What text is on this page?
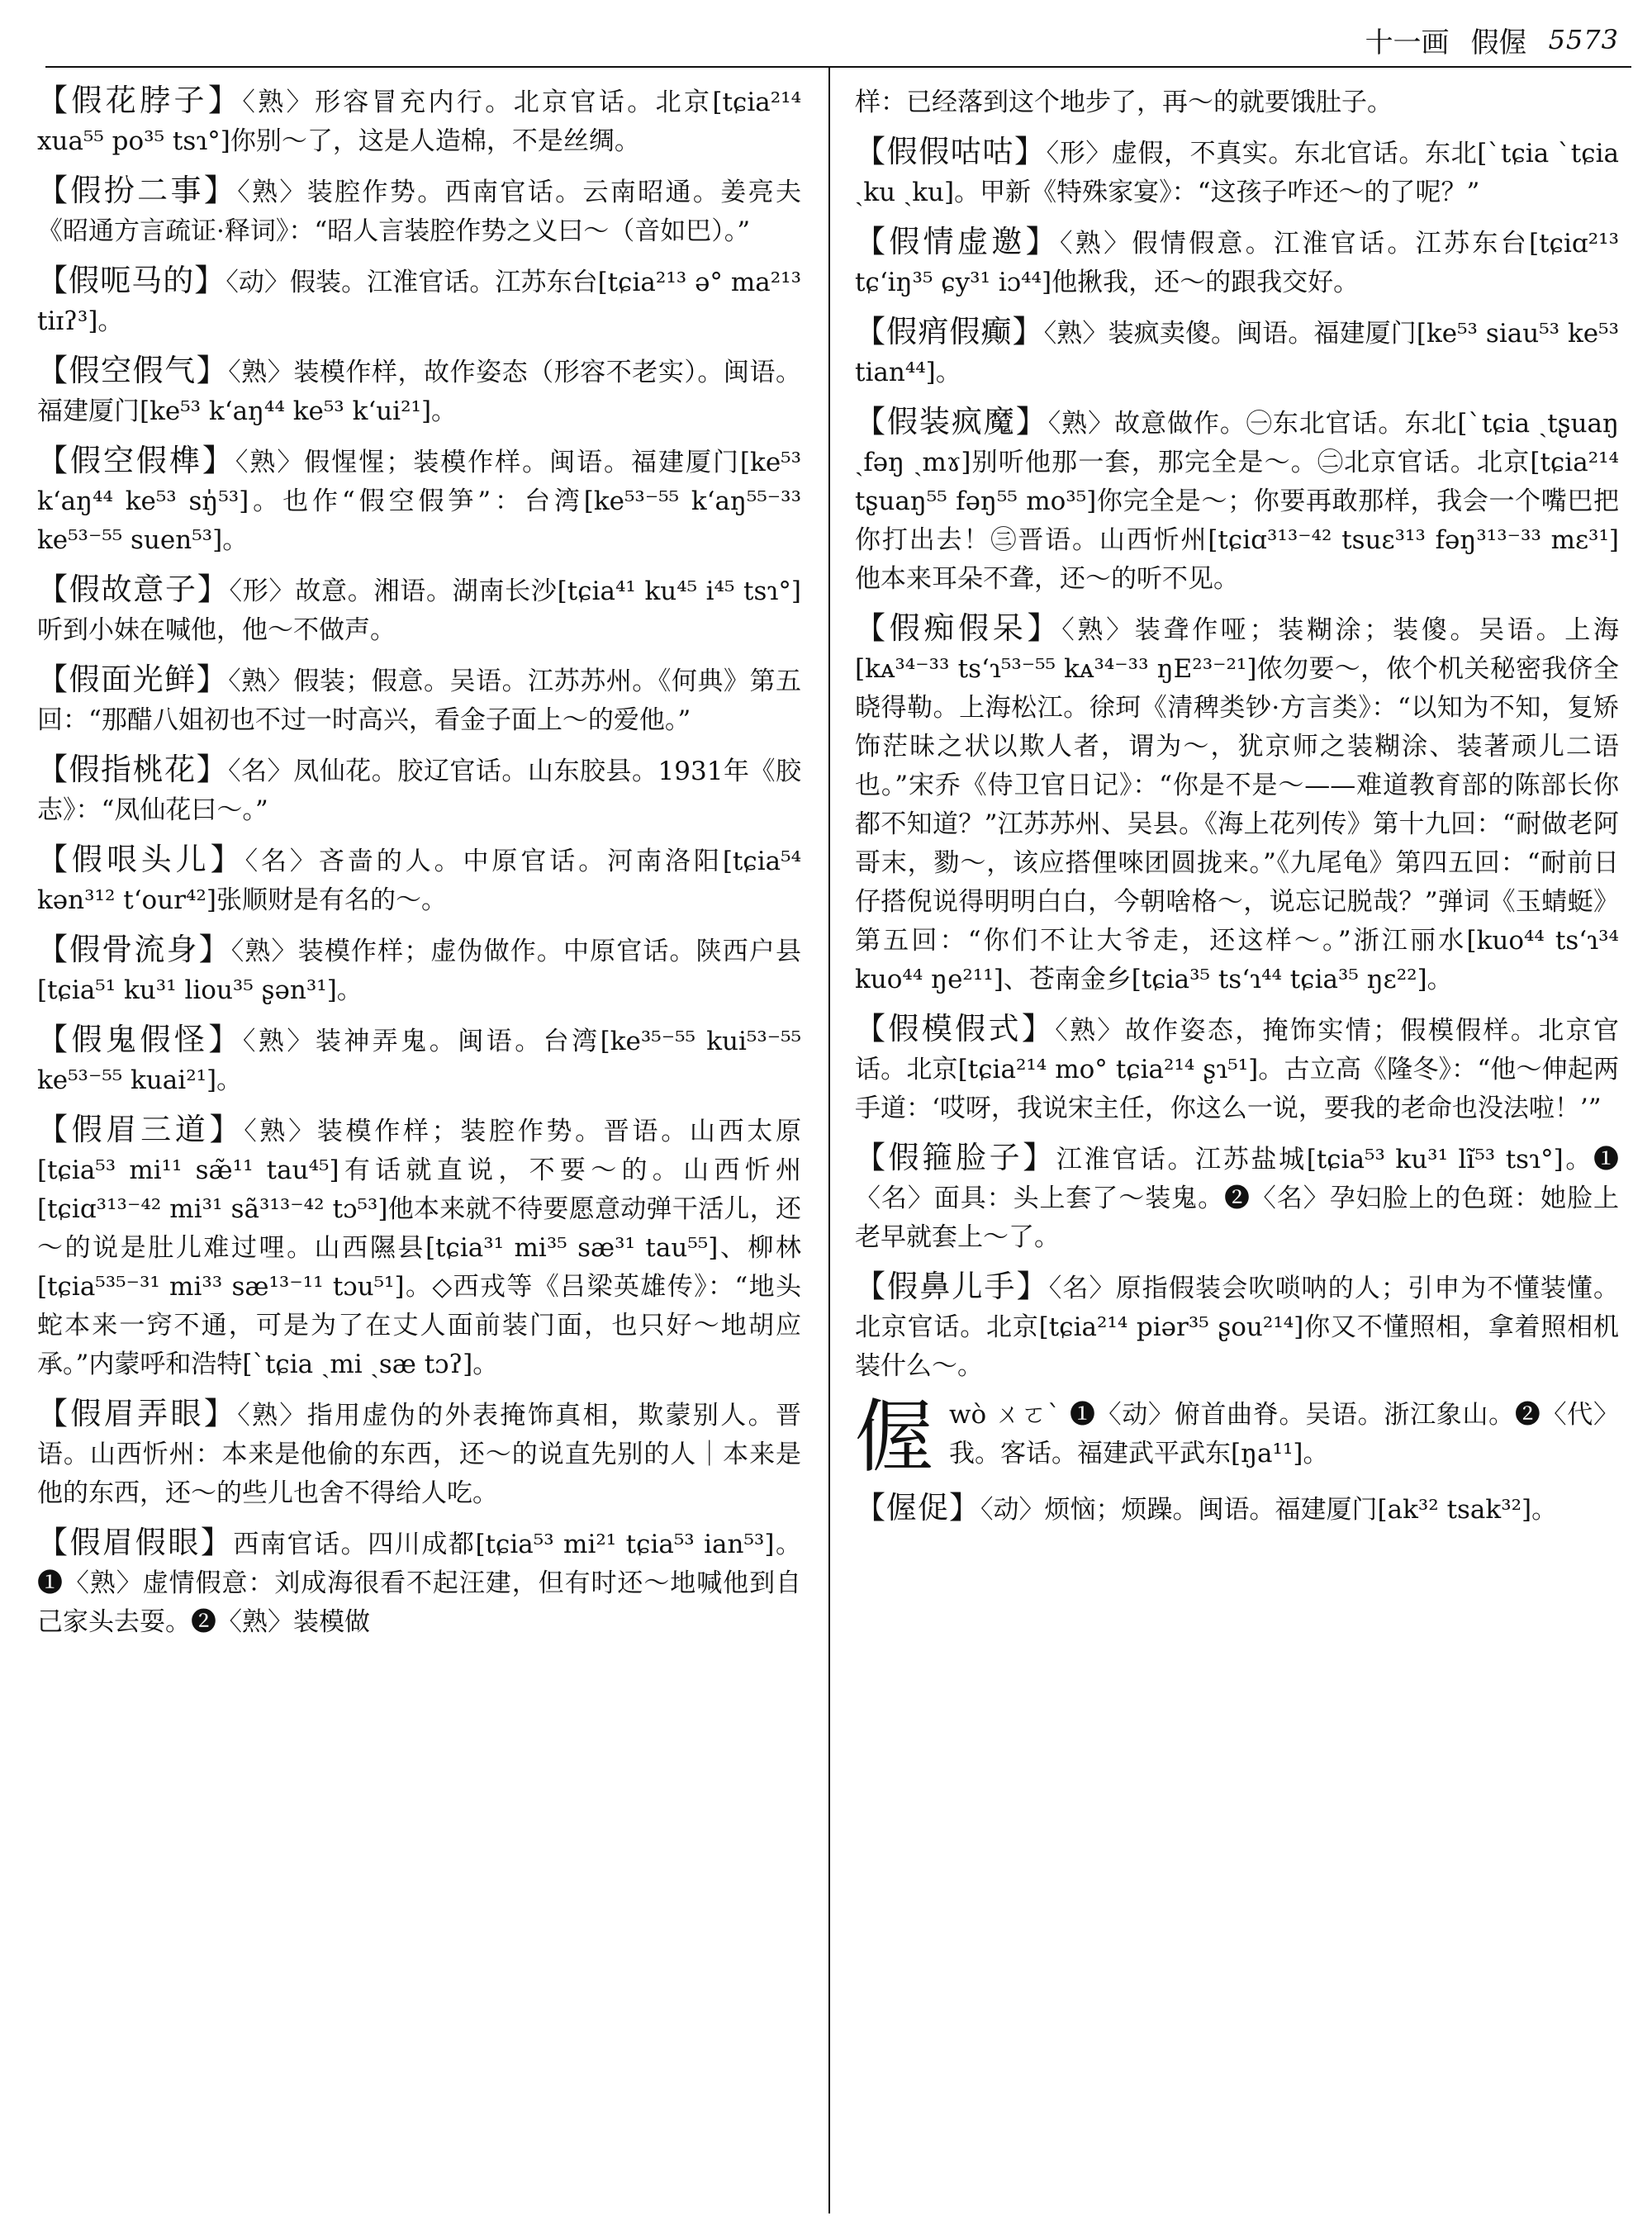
十一画 假偓 5573

【假花脖子】〈熟〉形容冒充内行。北京官话。北京[tɕia²¹⁴ xua⁵⁵ po³⁵ tsɿ°]你别～了，这是人造棉，不是丝绸。

【假扮二事】〈熟〉装腔作势。西南官话。云南昭通。姜亮夫《昭通方言疏证·释词》：“昭人言装腔作势之义曰～（音如巴）。”

【假呃马的】〈动〉假装。江淮官话。江苏东台[tɕia²¹³ ə° ma²¹³ tiɪʔ³]。

【假空假气】〈熟〉装模作样，故作姿态（形容不老实）。闽语。福建厦门[ke⁵³ k‘aŋ⁴⁴ ke⁵³ k‘ui²¹]。

【假空假榫】〈熟〉假惺惺；装模作样。闽语。福建厦门[ke⁵³ k‘aŋ⁴⁴ ke⁵³ sŋ̍⁵³]。也作“假空假笋”：台湾[ke⁵³⁻⁵⁵ k‘aŋ⁵⁵⁻³³ ke⁵³⁻⁵⁵ suen⁵³]。

【假故意子】〈形〉故意。湘语。湖南长沙[tɕia⁴¹ ku⁴⁵ i⁴⁵ tsɿ°]听到小妹在喊他，他～不做声。

【假面光鲜】〈熟〉假装；假意。吴语。江苏苏州。《何典》第五回：“那醋八姐初也不过一时高兴，看金子面上～的爱他。”

【假指桃花】〈名〉凤仙花。胶辽官话。山东胶县。1931年《胶志》：“凤仙花曰～。”

【假哏头儿】〈名〉吝啬的人。中原官话。河南洛阳[tɕia⁵⁴ kən³¹² t‘our⁴²]张顺财是有名的～。

【假骨流身】〈熟〉装模作样；虚伪做作。中原官话。陕西户县[tɕia⁵¹ ku³¹ liou³⁵ ʂən³¹]。

【假鬼假怪】〈熟〉装神弄鬼。闽语。台湾[ke³⁵⁻⁵⁵ kui⁵³⁻⁵⁵ ke⁵³⁻⁵⁵ kuai²¹]。

【假眉三道】〈熟〉装模作样；装腔作势。晋语。山西太原[tɕia⁵³ mi¹¹ sæ̃¹¹ tau⁴⁵]有话就直说，不要～的。山西忻州[tɕiɑ³¹³⁻⁴² mi³¹ sã³¹³⁻⁴² tɔ⁵³]他本来就不待要愿意动弹干活儿，还～的说是肚儿难过哩。山西隰县[tɕia³¹ mi³⁵ sæ³¹ tau⁵⁵]、柳林[tɕia⁵³⁵⁻³¹ mi³³ sæ¹³⁻¹¹ tɔu⁵¹]。◇西戎等《吕梁英雄传》：“地头蛇本来一窍不通，可是为了在丈人面前装门面，也只好～地胡应承。”内蒙呼和浩特[ˋtɕia ˏmi ˏsæ tɔʔ]。

【假眉弄眼】〈熟〉指用虚伪的外表掩饰真相，欺蒙别人。晋语。山西忻州：本来是他偷的东西，还～的说直先别的人｜本来是他的东西，还～的些儿也舍不得给人吃。

【假眉假眼】西南官话。四川成都[tɕia⁵³ mi²¹ tɕia⁵³ ian⁵³]。❶〈熟〉虚情假意：刘成海很看不起汪建，但有时还～地喊他到自己家头去耍。❷〈熟〉装模做

样：已经落到这个地步了，再～的就要饿肚子。

【假假咕咕】〈形〉虚假，不真实。东北官话。东北[ˋtɕia ˋtɕia ˏku ˏku]。甲新《特殊家宴》：“这孩子咋还～的了呢？”

【假情虚邀】〈熟〉假情假意。江淮官话。江苏东台[tɕiɑ²¹³ tɕ‘iŋ³⁵ ɕy³¹ iɔ⁴⁴]他揪我，还～的跟我交好。

【假痟假癫】〈熟〉装疯卖傻。闽语。福建厦门[ke⁵³ siau⁵³ ke⁵³ tian⁴⁴]。

【假装疯魔】〈熟〉故意做作。㊀东北官话。东北[ˋtɕia ˏtʂuaŋ ˏfəŋ ˏmɤ]别听他那一套，那完全是～。㊁北京官话。北京[tɕia²¹⁴ tʂuaŋ⁵⁵ fəŋ⁵⁵ mo³⁵]你完全是～；你要再敢那样，我会一个嘴巴把你打出去！㊂晋语。山西忻州[tɕiɑ³¹³⁻⁴² tsuɛ³¹³ fəŋ³¹³⁻³³ mɛ³¹]他本来耳朵不聋，还～的听不见。

【假痴假呆】〈熟〉装聋作哑；装糊涂；装傻。吴语。上海[kᴀ³⁴⁻³³ ts‘ɿ⁵³⁻⁵⁵ kᴀ³⁴⁻³³ ŋE²³⁻²¹]侬勿要～，侬个机关秘密我侪全晓得勒。上海松江。徐珂《清稗类钞·方言类》：“以知为不知，复矫饰茫昧之状以欺人者，谓为～，犹京师之装糊涂、装著顽儿二语也。”宋乔《侍卫官日记》：“你是不是～——难道教育部的陈部长你都不知道？”江苏苏州、吴县。《海上花列传》第十九回：“耐做老阿哥末，勠～，该应搭俚唻团圆拢来。”《九尾龟》第四五回：“耐前日仔搭倪说得明明白白，今朝啥格～，说忘记脱哉？”弹词《玉蜻蜓》第五回：“你们不让大爷走，还这样～。”浙江丽水[kuo⁴⁴ ts‘ɿ³⁴ kuo⁴⁴ ŋe²¹¹]、苍南金乡[tɕia³⁵ ts‘ɿ⁴⁴ tɕia³⁵ ŋɛ²²]。

【假模假式】〈熟〉故作姿态，掩饰实情；假模假样。北京官话。北京[tɕia²¹⁴ mo° tɕia²¹⁴ ʂɿ⁵¹]。古立高《隆冬》：“他～伸起两手道：‘哎呀，我说宋主任，你这么一说，要我的老命也没法啦！’”

【假箍脸子】江淮官话。江苏盐城[tɕia⁵³ ku³¹ lĩ⁵³ tsɿ°]。❶〈名〉面具：头上套了～装鬼。❷〈名〉孕妇脸上的色斑：她脸上老早就套上～了。

【假鼻儿手】〈名〉原指假装会吹唢呐的人；引申为不懂装懂。北京官话。北京[tɕia²¹⁴ piər³⁵ ʂou²¹⁴]你又不懂照相，拿着照相机装什么～。

偓 wò ㄨㄛˋ ❶〈动〉俯首曲脊。吴语。浙江象山。❷〈代〉我。客话。福建武平武东[ŋa¹¹]。

【偓促】〈动〉烦恼；烦躁。闽语。福建厦门[ak³² tsak³²]。
